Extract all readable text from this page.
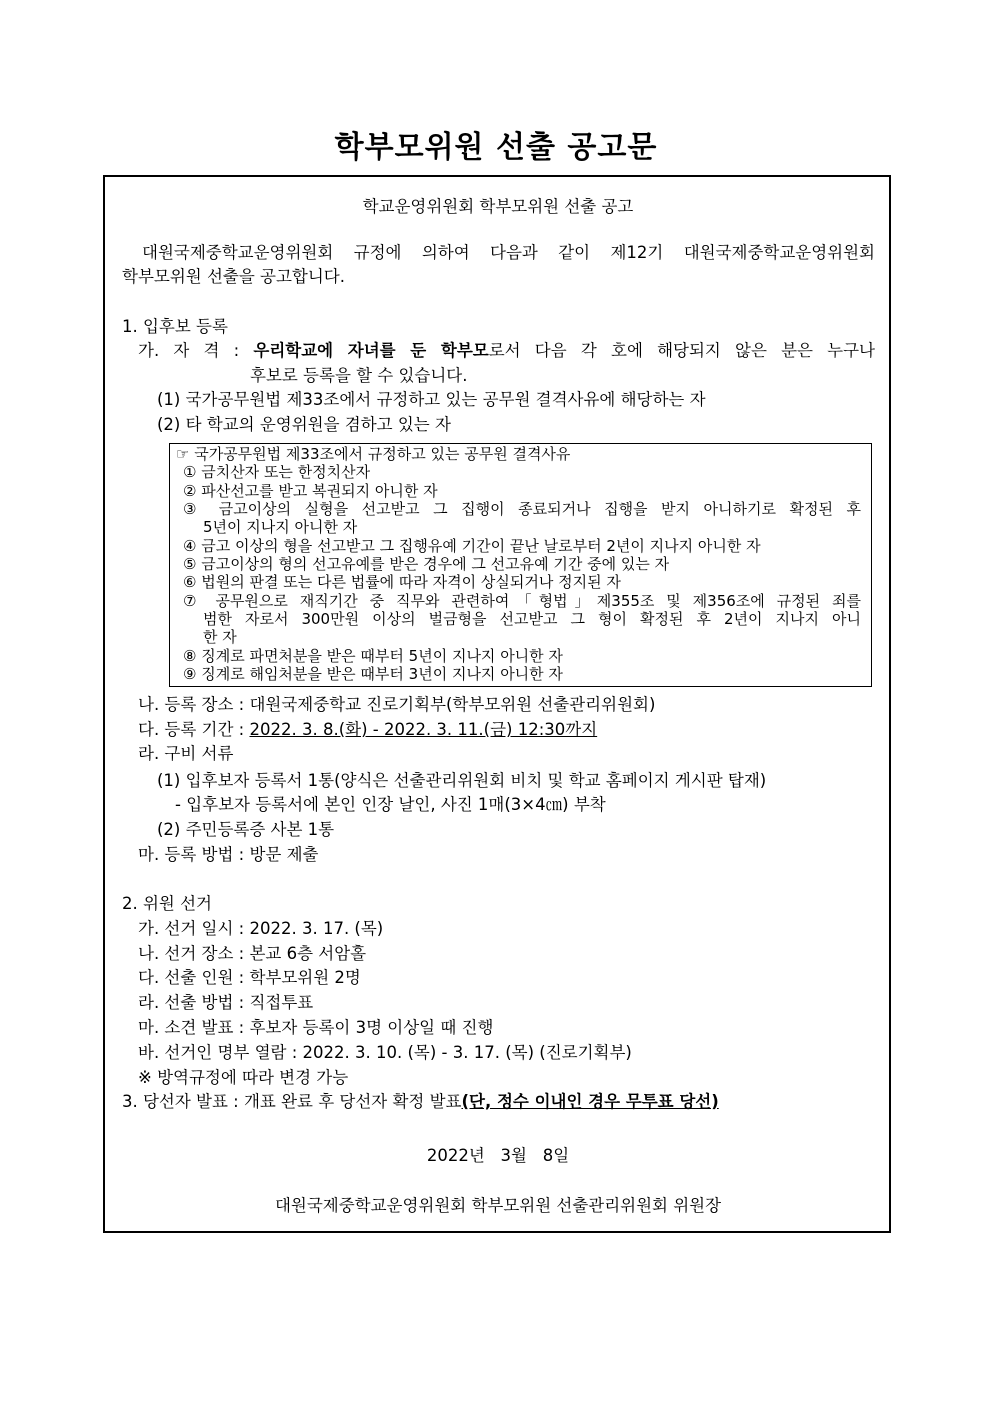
학부모위원 선출 공고문
학교운영위원회 학부모위원 선출 공고
대원국제중학교운영위원회 규정에 의하여 다음과 같이 제12기 대원국제중학교운영위원회
학부모위원 선출을 공고합니다.
1. 입후보 등록
가. 자 격 : 우리학교에 자녀를 둔 학부모로서 다음 각 호에 해당되지 않은 분은 누구나
후보로 등록을 할 수 있습니다.
(1) 국가공무원법 제33조에서 규정하고 있는 공무원 결격사유에 해당하는 자
(2) 타 학교의 운영위원을 겸하고 있는 자
☞ 국가공무원법 제33조에서 규정하고 있는 공무원 결격사유
① 금치산자 또는 한정치산자
② 파산선고를 받고 복권되지 아니한 자
③ 금고이상의 실형을 선고받고 그 집행이 종료되거나 집행을 받지 아니하기로 확정된 후
5년이 지나지 아니한 자
④ 금고 이상의 형을 선고받고 그 집행유예 기간이 끝난 날로부터 2년이 지나지 아니한 자
⑤ 금고이상의 형의 선고유예를 받은 경우에 그 선고유예 기간 중에 있는 자
⑥ 법원의 판결 또는 다른 법률에 따라 자격이 상실되거나 정지된 자
⑦ 공무원으로 재직기간 중 직무와 관련하여「형법」제355조 및 제356조에 규정된 죄를
범한 자로서 300만원 이상의 벌금형을 선고받고 그 형이 확정된 후 2년이 지나지 아니
한 자
⑧ 징계로 파면처분을 받은 때부터 5년이 지나지 아니한 자
⑨ 징계로 해임처분을 받은 때부터 3년이 지나지 아니한 자
나. 등록 장소 : 대원국제중학교 진로기획부(학부모위원 선출관리위원회)
다. 등록 기간 : 2022. 3. 8.(화) - 2022. 3. 11.(금) 12:30까지
라. 구비 서류
(1) 입후보자 등록서 1통(양식은 선출관리위원회 비치 및 학교 홈페이지 게시판 탑재)
- 입후보자 등록서에 본인 인장 날인, 사진 1매(3×4㎝) 부착
(2) 주민등록증 사본 1통
마. 등록 방법 : 방문 제출
2. 위원 선거
가. 선거 일시 : 2022. 3. 17. (목)
나. 선거 장소 : 본교 6층 서암홀
다. 선출 인원 : 학부모위원 2명
라. 선출 방법 : 직접투표
마. 소견 발표 : 후보자 등록이 3명 이상일 때 진행
바. 선거인 명부 열람 : 2022. 3. 10. (목) - 3. 17. (목) (진로기획부)
※ 방역규정에 따라 변경 가능
3. 당선자 발표 : 개표 완료 후 당선자 확정 발표(단, 정수 이내인 경우 무투표 당선)
2022년   3월   8일
대원국제중학교운영위원회 학부모위원 선출관리위원회 위원장
